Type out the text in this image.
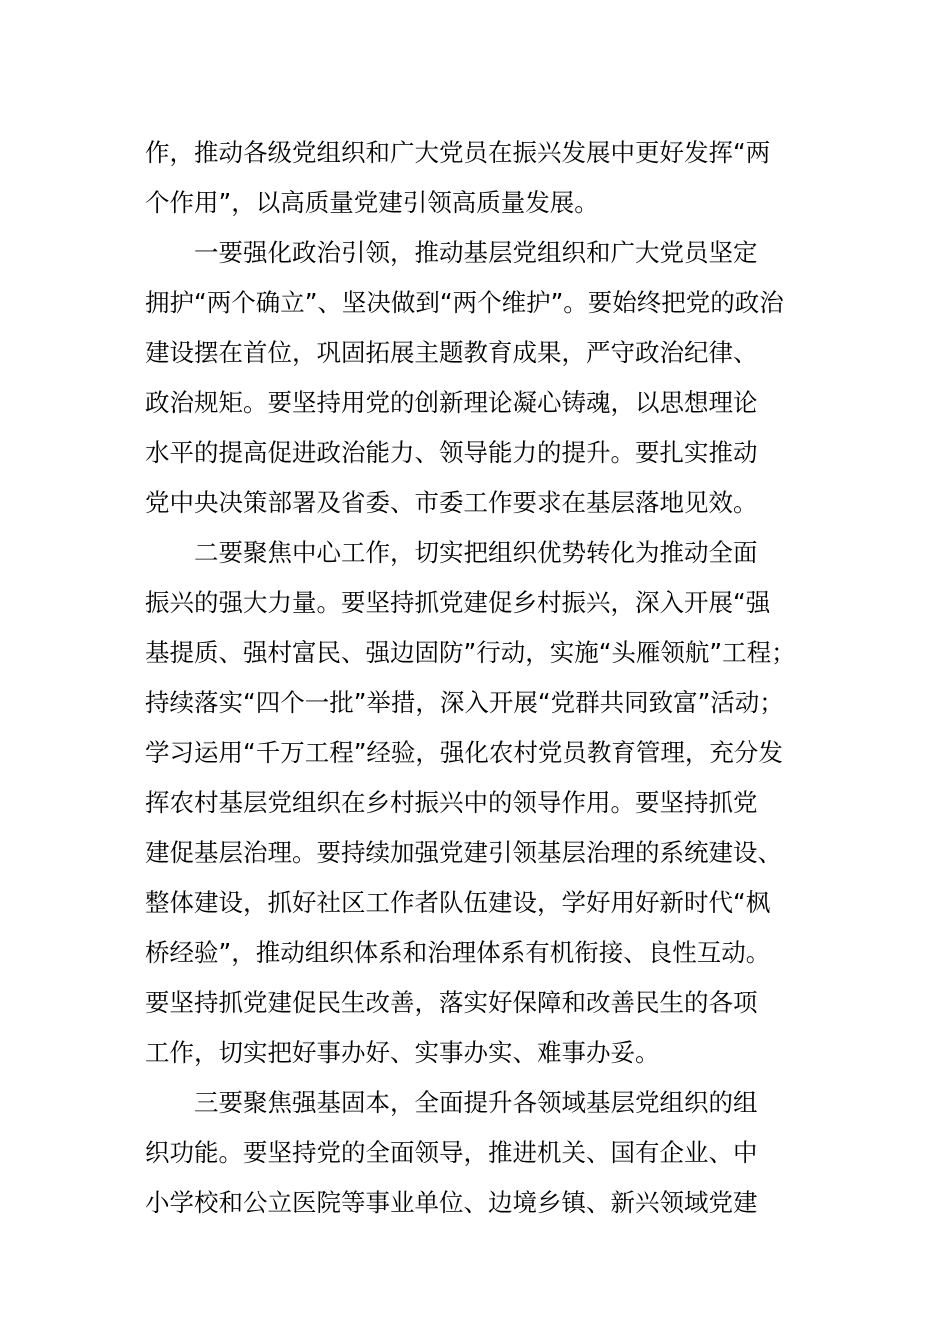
作，推动各级党组织和广大党员在振兴发展中更好发挥“两
个作用”，以高质量党建引领高质量发展。
一要强化政治引领，推动基层党组织和广大党员坚定
拥护“两个确立”、坚决做到“两个维护”。要始终把党的政治
建设摆在首位，巩固拓展主题教育成果，严守政治纪律、
政治规矩。要坚持用党的创新理论凝心铸魂，以思想理论
水平的提高促进政治能力、领导能力的提升。要扎实推动
党中央决策部署及省委、市委工作要求在基层落地见效。
二要聚焦中心工作，切实把组织优势转化为推动全面
振兴的强大力量。要坚持抓党建促乡村振兴，深入开展“强
基提质、强村富民、强边固防”行动，实施“头雁领航”工程；
持续落实“四个一批”举措，深入开展“党群共同致富”活动；
学习运用“千万工程”经验，强化农村党员教育管理，充分发
挥农村基层党组织在乡村振兴中的领导作用。要坚持抓党
建促基层治理。要持续加强党建引领基层治理的系统建设、
整体建设，抓好社区工作者队伍建设，学好用好新时代“枫
桥经验”，推动组织体系和治理体系有机衔接、良性互动。
要坚持抓党建促民生改善，落实好保障和改善民生的各项
工作，切实把好事办好、实事办实、难事办妥。
三要聚焦强基固本，全面提升各领域基层党组织的组
织功能。要坚持党的全面领导，推进机关、国有企业、中
小学校和公立医院等事业单位、边境乡镇、新兴领域党建
